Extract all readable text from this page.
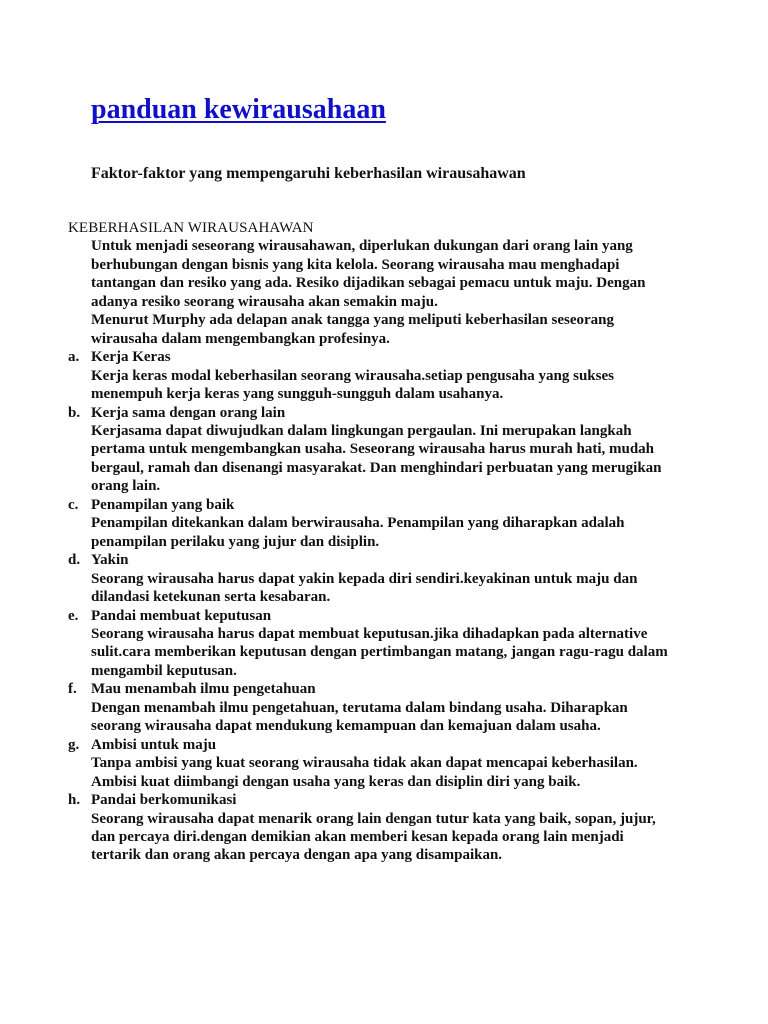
panduan kewirausahaan
Faktor-faktor yang mempengaruhi keberhasilan wirausahawan
KEBERHASILAN WIRAUSAHAWAN
Untuk menjadi seseorang wirausahawan, diperlukan dukungan dari orang lain yang
berhubungan dengan bisnis yang kita kelola. Seorang wirausaha mau menghadapi
tantangan dan resiko yang ada. Resiko dijadikan sebagai pemacu untuk maju. Dengan
adanya resiko seorang wirausaha akan semakin maju.
Menurut Murphy ada delapan anak tangga yang meliputi keberhasilan seseorang
wirausaha dalam mengembangkan profesinya.
a. Kerja Keras
Kerja keras modal keberhasilan seorang wirausaha.setiap pengusaha yang sukses
menempuh kerja keras yang sungguh-sungguh dalam usahanya.
b. Kerja sama dengan orang lain
Kerjasama dapat diwujudkan dalam lingkungan pergaulan. Ini merupakan langkah
pertama untuk mengembangkan usaha. Seseorang wirausaha harus murah hati, mudah
bergaul, ramah dan disenangi masyarakat. Dan menghindari perbuatan yang merugikan
orang lain.
c. Penampilan yang baik
Penampilan ditekankan dalam berwirausaha. Penampilan yang diharapkan adalah
penampilan perilaku yang jujur dan disiplin.
d. Yakin
Seorang wirausaha harus dapat yakin kepada diri sendiri.keyakinan untuk maju dan
dilandasi ketekunan serta kesabaran.
e. Pandai membuat keputusan
Seorang wirausaha harus dapat membuat keputusan.jika dihadapkan pada alternative
sulit.cara memberikan keputusan dengan pertimbangan matang, jangan ragu-ragu dalam
mengambil keputusan.
f. Mau menambah ilmu pengetahuan
Dengan menambah ilmu pengetahuan, terutama dalam bindang usaha. Diharapkan
seorang wirausaha dapat mendukung kemampuan dan kemajuan dalam usaha.
g. Ambisi untuk maju
Tanpa ambisi yang kuat seorang wirausaha tidak akan dapat mencapai keberhasilan.
Ambisi kuat diimbangi dengan usaha yang keras dan disiplin diri yang baik.
h. Pandai berkomunikasi
Seorang wirausaha dapat menarik orang lain dengan tutur kata yang baik, sopan, jujur,
dan percaya diri.dengan demikian akan memberi kesan kepada orang lain menjadi
tertarik dan orang akan percaya dengan apa yang disampaikan.
